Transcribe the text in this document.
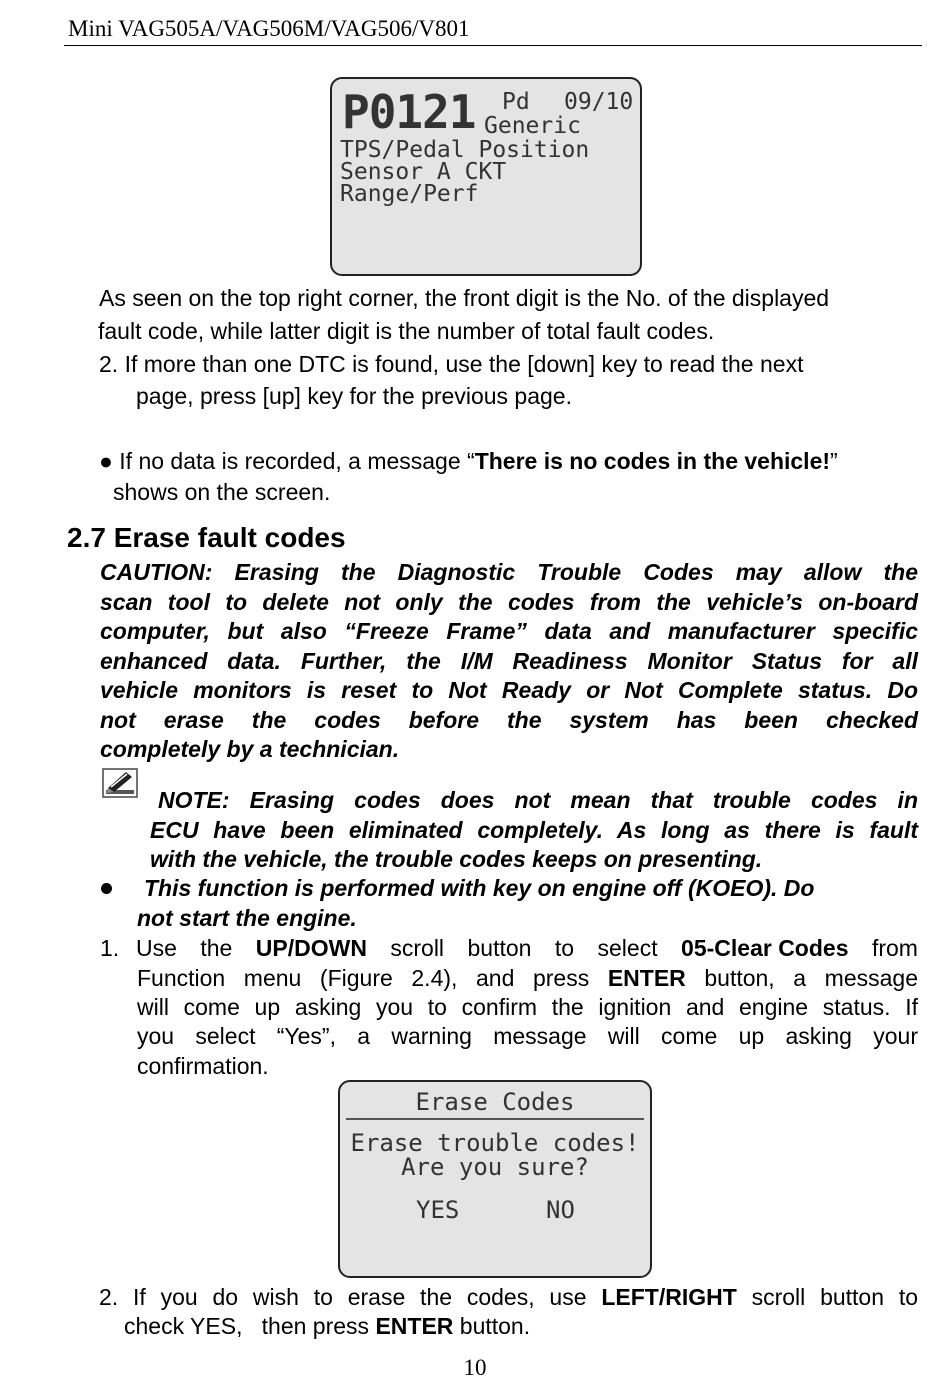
Mini VAG505A/VAG506M/VAG506/V801
P0121 Pd 09/10
Generic
TPS/Pedal Position
Sensor A CKT
Range/Perf
As seen on the top right corner, the front digit is the No. of the displayed
fault code, while latter digit is the number of total fault codes.
2. If more than one DTC is found, use the [down] key to read the next
page, press [up] key for the previous page.
● If no data is recorded, a message “There is no codes in the vehicle!”
shows on the screen.
2.7 Erase fault codes
CAUTION: Erasing the Diagnostic Trouble Codes may allow the
scan tool to delete not only the codes from the vehicle’s on-board
computer, but also “Freeze Frame” data and manufacturer specific
enhanced data. Further, the I/M Readiness Monitor Status for all
vehicle monitors is reset to Not Ready or Not Complete status. Do
not erase the codes before the system has been checked
completely by a technician.
NOTE: Erasing codes does not mean that trouble codes in
ECU have been eliminated completely. As long as there is fault
with the vehicle, the trouble codes keeps on presenting.
This function is performed with key on engine off (KOEO). Do
not start the engine.
1. Use the UP/DOWN scroll button to select 05-Clear Codes from
Function menu (Figure 2.4), and press ENTER button, a message
will come up asking you to confirm the ignition and engine status. If
you select “Yes”, a warning message will come up asking your
confirmation.
Erase Codes
Erase trouble codes!
Are you sure?
YES	NO
2. If you do wish to erase the codes, use LEFT/RIGHT scroll button to
check YES,   then press ENTER button.
10
